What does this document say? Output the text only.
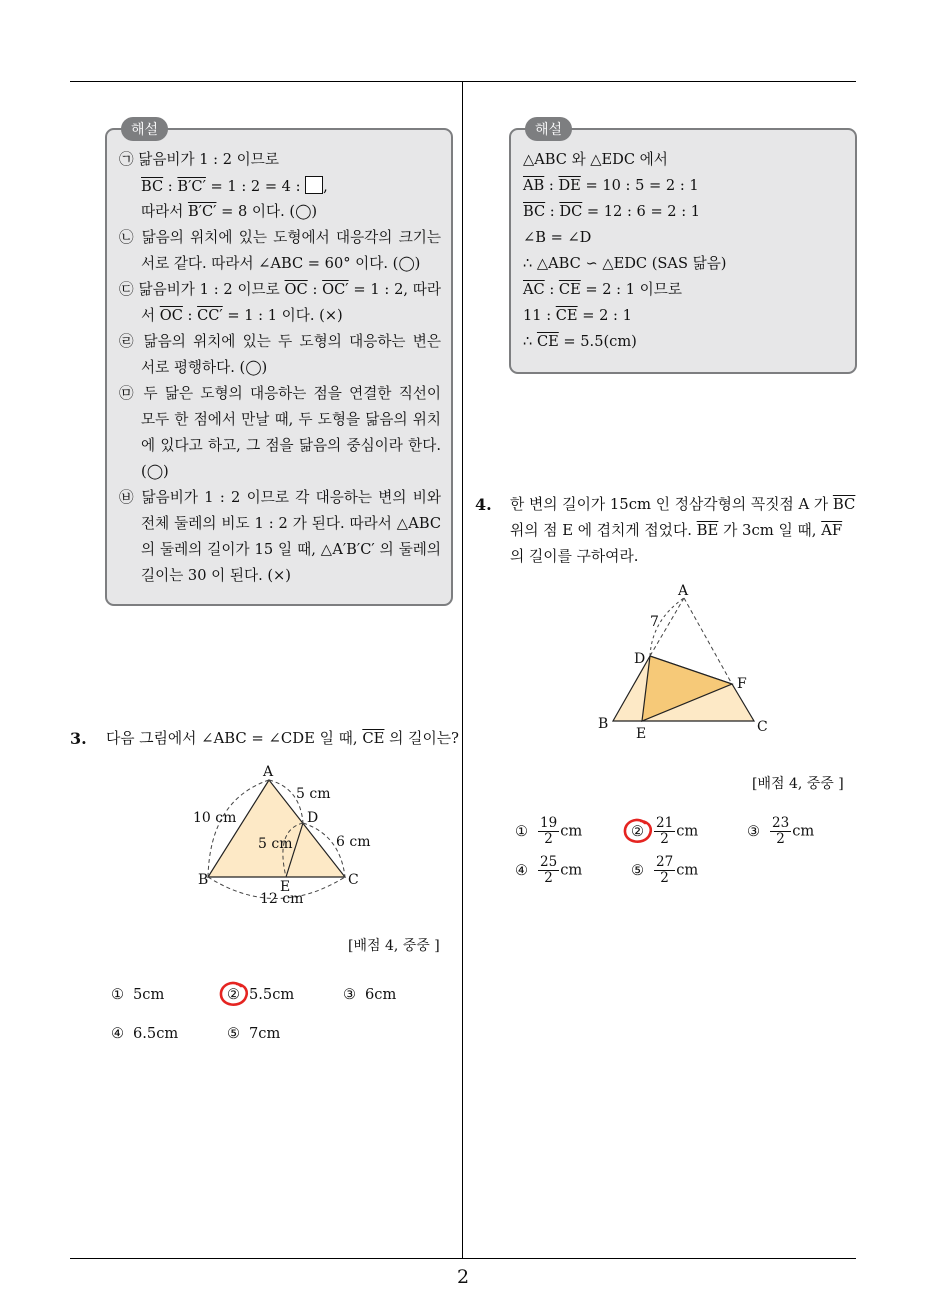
2
해설
㉠ 닮음비가 1 : 2 이므로
$\overline{BC}$ : B′C′ = 1 : 2 = 4 : ,
따라서 B′C′ = 8 이다. (◯)
㉡ 닮음의 위치에 있는 도형에서 대응각의 크기는
서로 같다. 따라서 ∠ABC = 60° 이다. (◯)
㉢ 닮음비가 1 : 2 이므로 $\overline{OC}$ : OC′ = 1 : 2, 따라
서 $\overline{OC}$ : CC′ = 1 : 1 이다. (×)
㉣ 닮음의 위치에 있는 두 도형의 대응하는 변은
서로 평행하다. (◯)
㉤ 두 닮은 도형의 대응하는 점을 연결한 직선이
모두 한 점에서 만날 때, 두 도형을 닮음의 위치
에 있다고 하고, 그 점을 닮음의 중심이라 한다.
(◯)
㉥ 닮음비가 1 : 2 이므로 각 대응하는 변의 비와
전체 둘레의 비도 1 : 2 가 된다. 따라서 △ABC
의 둘레의 길이가 15 일 때, △A′B′C′ 의 둘레의
길이는 30 이 된다. (×)
해설
△ABC 와 △EDC 에서
$\overline{AB}$ : $\overline{DE} = 10$ : 5 = 2 : 1
$\overline{BC}$ : $\overline{DC} = 12$ : 6 = 2 : 1
∠B = ∠D
∴ △ABC ∽ △EDC (SAS 닮음)
$\overline{AC}$ : $\overline{CE} = 2$ : 1 이므로
11 : $\overline{CE} = 2$ : 1
∴ $\overline{CE} = 5.5(cm)$
3. 다음 그림에서 ∠ABC = ∠CDE 일 때, $\overline{CE}$ 의 길이는?
A
B	C
D
E
10 cm
5 cm
5 cm	6 cm
12 cm
[배점 4, 중중 ]
① 5cm	② 5.5cm	③ 6cm
④ 6.5cm	⑤ 7cm
4. 한 변의 길이가 15cm 인 정삼각형의 꼭짓점 A 가 $\overline{BC}$
위의 점 E 에 겹치게 접었다. $\overline{BE}$ 가 3cm 일 때, $\overline{AF}$
의 길이를 구하여라.
A
B	C
D
E
F
7
[배점 4, 중중 ]
① $\frac{19}{2}$ cm	② $\frac{21}{2}$ cm	③ $\frac{23}{2}$ cm
④ $\frac{25}{2}$ cm	⑤ $\frac{27}{2}$ cm
